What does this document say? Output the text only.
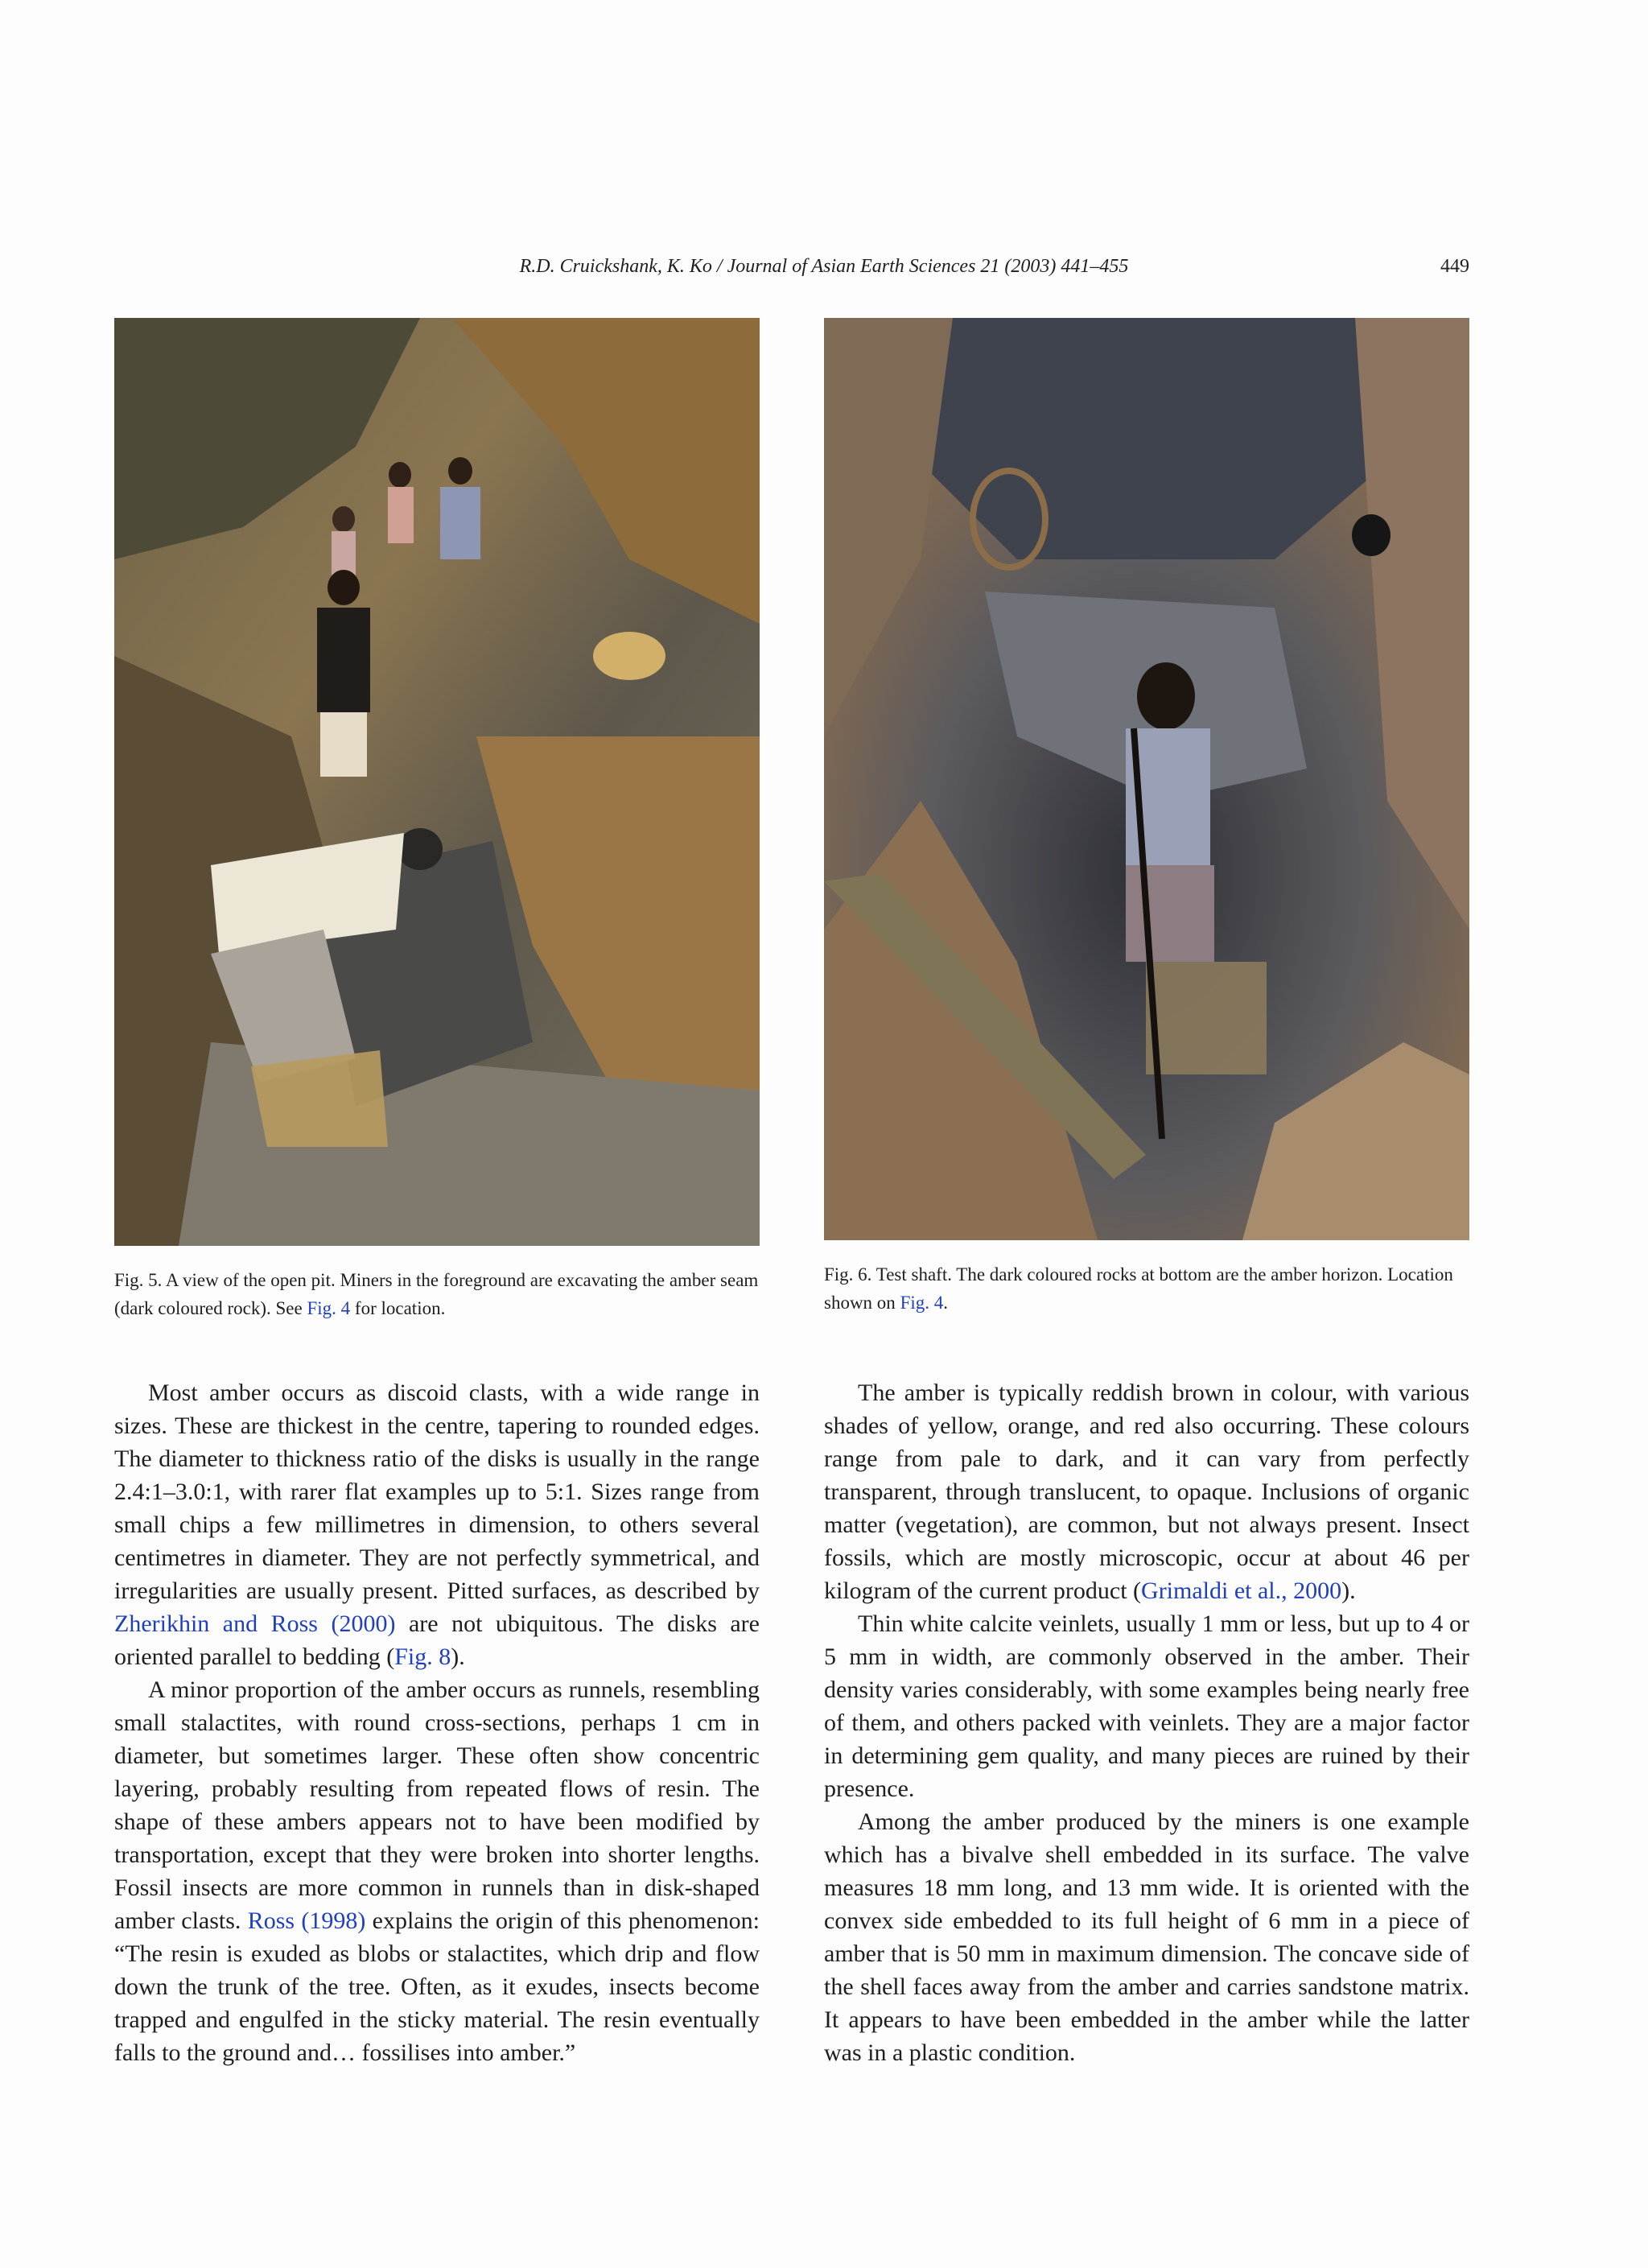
R.D. Cruickshank, K. Ko / Journal of Asian Earth Sciences 21 (2003) 441–455	449
Fig. 5. A view of the open pit. Miners in the foreground are excavating the amber seam (dark coloured rock). See Fig. 4 for location.
Fig. 6. Test shaft. The dark coloured rocks at bottom are the amber horizon. Location shown on Fig. 4.

Most amber occurs as discoid clasts, with a wide range in sizes. These are thickest in the centre, tapering to rounded edges. The diameter to thickness ratio of the disks is usually in the range 2.4:1–3.0:1, with rarer flat examples up to 5:1. Sizes range from small chips a few millimetres in dimension, to others several centimetres in diameter. They are not perfectly symmetrical, and irregularities are usually present. Pitted surfaces, as described by Zherikhin and Ross (2000) are not ubiquitous. The disks are oriented parallel to bedding (Fig. 8).

A minor proportion of the amber occurs as runnels, resembling small stalactites, with round cross-sections, perhaps 1 cm in diameter, but sometimes larger. These often show concentric layering, probably resulting from repeated flows of resin. The shape of these ambers appears not to have been modified by transportation, except that they were broken into shorter lengths. Fossil insects are more common in runnels than in disk-shaped amber clasts. Ross (1998) explains the origin of this phenomenon: “The resin is exuded as blobs or stalactites, which drip and flow down the trunk of the tree. Often, as it exudes, insects become trapped and engulfed in the sticky material. The resin eventually falls to the ground and… fossilises into amber.”

The amber is typically reddish brown in colour, with various shades of yellow, orange, and red also occurring. These colours range from pale to dark, and it can vary from perfectly transparent, through translucent, to opaque. Inclusions of organic matter (vegetation), are common, but not always present. Insect fossils, which are mostly microscopic, occur at about 46 per kilogram of the current product (Grimaldi et al., 2000).

Thin white calcite veinlets, usually 1 mm or less, but up to 4 or 5 mm in width, are commonly observed in the amber. Their density varies considerably, with some examples being nearly free of them, and others packed with veinlets. They are a major factor in determining gem quality, and many pieces are ruined by their presence.

Among the amber produced by the miners is one example which has a bivalve shell embedded in its surface. The valve measures 18 mm long, and 13 mm wide. It is oriented with the convex side embedded to its full height of 6 mm in a piece of amber that is 50 mm in maximum dimension. The concave side of the shell faces away from the amber and carries sandstone matrix. It appears to have been embedded in the amber while the latter was in a plastic condition.
